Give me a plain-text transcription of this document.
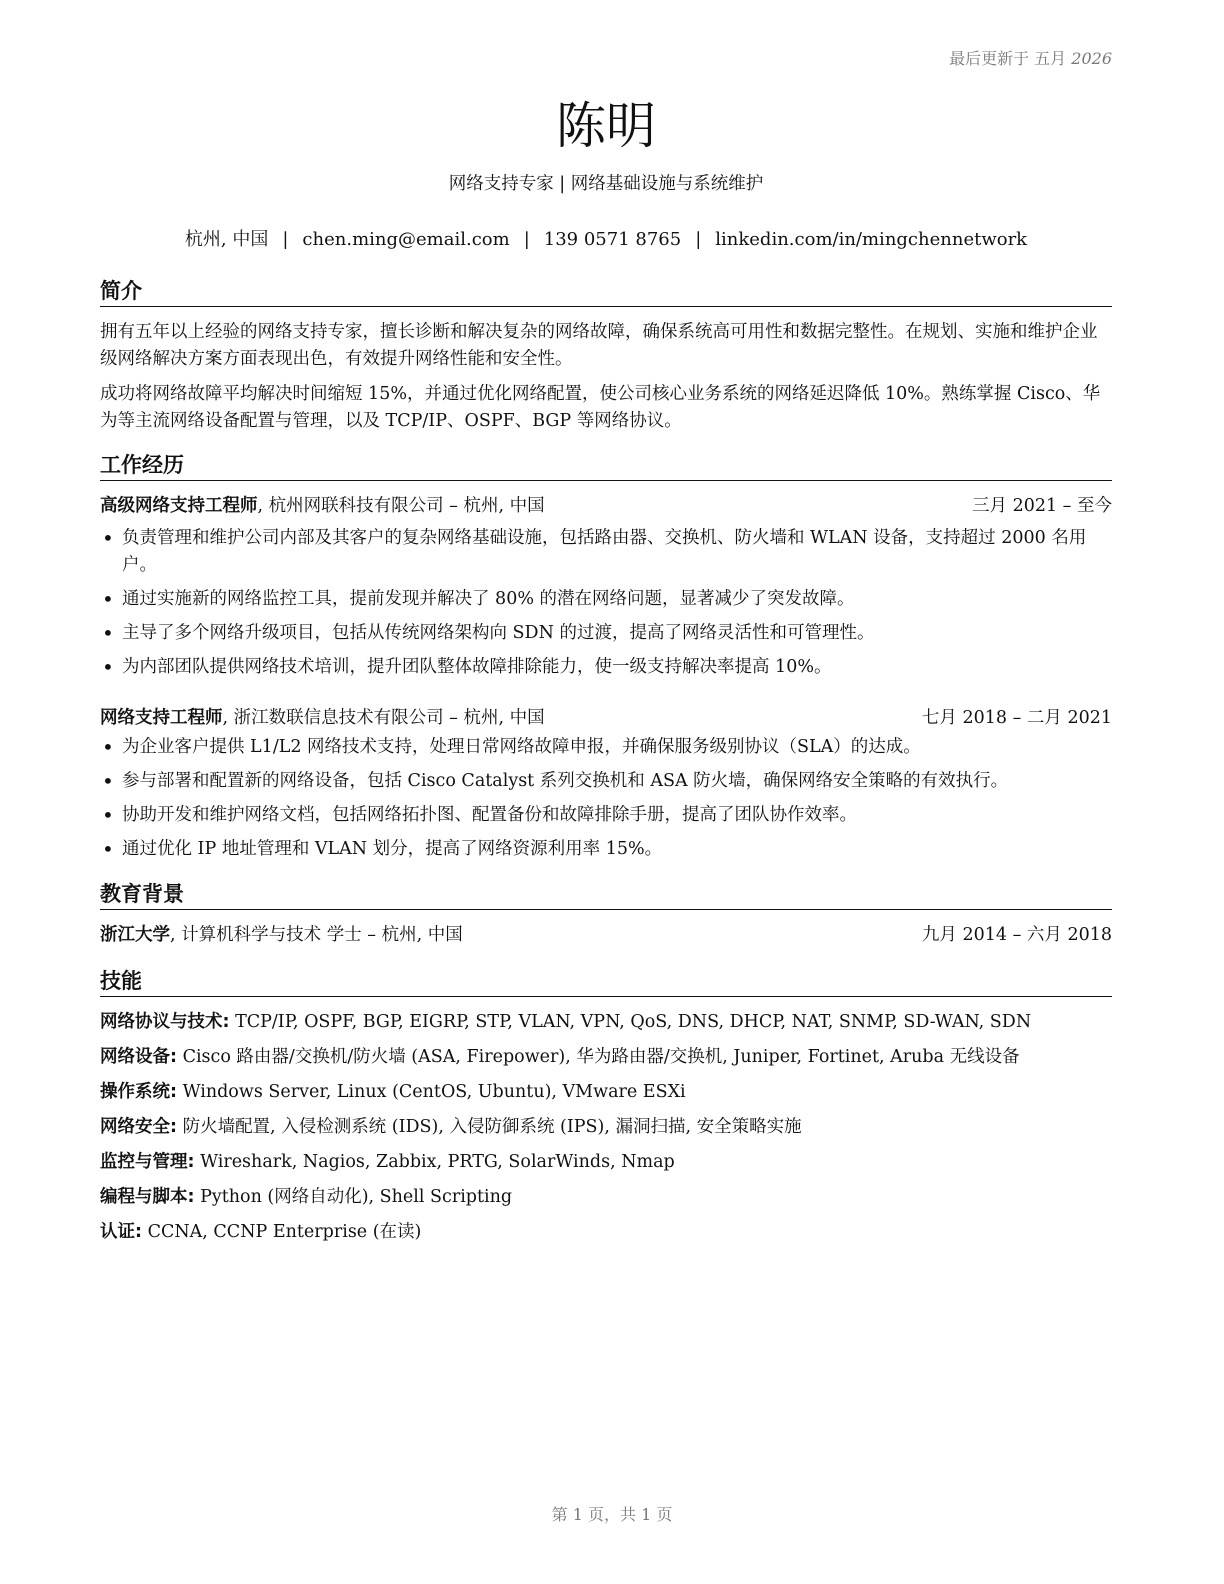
最后更新于 五月 2026
陈明
网络支持专家 | 网络基础设施与系统维护
杭州, 中国 | chen.ming@email.com | 139 0571 8765 | linkedin.com/in/mingchennetwork
简介

拥有五年以上经验的网络支持专家，擅长诊断和解决复杂的网络故障，确保系统高可用性和数据完整性。在规划、实施和维护企业级网络解决方案方面表现出色，有效提升网络性能和安全性。

成功将网络故障平均解决时间缩短 15%，并通过优化网络配置，使公司核心业务系统的网络延迟降低 10%。熟练掌握 Cisco、华为等主流网络设备配置与管理，以及 TCP/IP、OSPF、BGP 等网络协议。

工作经历
高级网络支持工程师, 杭州网联科技有限公司 – 杭州, 中国	三月 2021 – 至今
• 负责管理和维护公司内部及其客户的复杂网络基础设施，包括路由器、交换机、防火墙和 WLAN 设备，支持超过 2000 名用户。
• 通过实施新的网络监控工具，提前发现并解决了 80% 的潜在网络问题，显著减少了突发故障。
• 主导了多个网络升级项目，包括从传统网络架构向 SDN 的过渡，提高了网络灵活性和可管理性。
• 为内部团队提供网络技术培训，提升团队整体故障排除能力，使一级支持解决率提高 10%。
网络支持工程师, 浙江数联信息技术有限公司 – 杭州, 中国	七月 2018 – 二月 2021
• 为企业客户提供 L1/L2 网络技术支持，处理日常网络故障申报，并确保服务级别协议（SLA）的达成。
• 参与部署和配置新的网络设备，包括 Cisco Catalyst 系列交换机和 ASA 防火墙，确保网络安全策略的有效执行。
• 协助开发和维护网络文档，包括网络拓扑图、配置备份和故障排除手册，提高了团队协作效率。
• 通过优化 IP 地址管理和 VLAN 划分，提高了网络资源利用率 15%。
教育背景
浙江大学, 计算机科学与技术 学士 – 杭州, 中国	九月 2014 – 六月 2018
技能
网络协议与技术: TCP/IP, OSPF, BGP, EIGRP, STP, VLAN, VPN, QoS, DNS, DHCP, NAT, SNMP, SD-WAN, SDN
网络设备: Cisco 路由器/交换机/防火墙 (ASA, Firepower), 华为路由器/交换机, Juniper, Fortinet, Aruba 无线设备
操作系统: Windows Server, Linux (CentOS, Ubuntu), VMware ESXi
网络安全: 防火墙配置, 入侵检测系统 (IDS), 入侵防御系统 (IPS), 漏洞扫描, 安全策略实施
监控与管理: Wireshark, Nagios, Zabbix, PRTG, SolarWinds, Nmap
编程与脚本: Python (网络自动化), Shell Scripting
认证: CCNA, CCNP Enterprise (在读)
第 1 页，共 1 页
